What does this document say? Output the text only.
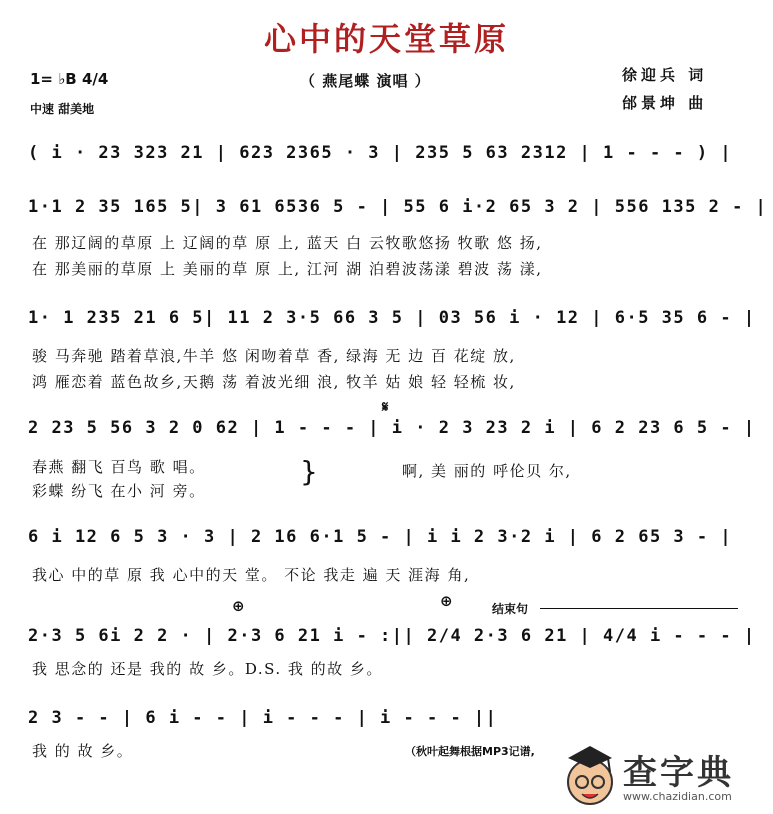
心中的天堂草原
（ 燕尾蝶 演唱 ）
1= ♭B 4/4
中速 甜美地
徐迎兵 词
邰景坤 曲
( i · 23 323 21 | 623 2365 · 3 | 235 5 63 2312 | 1 - - - ) |
1·1 2 35 165 5| 3 61 6536 5 - | 55 6 i·2 65 3 2 | 556 135 2 - |
在 那辽阔的草原 上 辽阔的草 原 上, 蓝天 白 云牧歌悠扬 牧歌 悠 扬,
在 那美丽的草原 上 美丽的草 原 上, 江河 湖 泊碧波荡漾 碧波 荡 漾,
1· 1 235 21 6 5| 11 2 3·5 66 3 5 | 03 56 i · 12 | 6·5 35 6 - |
骏 马奔驰 踏着草浪,牛羊 悠 闲吻着草 香, 绿海 无 边 百 花绽 放,
鸿 雁恋着 蓝色故乡,天鹅 荡 着波光细 浪, 牧羊 姑 娘 轻 轻梳 妆,
𝄋
2 23 5 56 3 2 0 62 | 1 - - - | i · 2 3 23 2 i | 6 2 23 6 5 - |
春燕 翻飞 百鸟 歌 唱。
彩蝶 纷飞 在小 河 旁。
}	啊, 美 丽的 呼伦贝 尔,
6 i 12 6 5 3 · 3 | 2 16 6·1 5 - | i i 2 3·2 i | 6 2 65 3 - |
我心 中的草 原 我 心中的天 堂。 不论 我走 遍 天 涯海 角,
⊕	⊕	结束句
2·3 5 6i 2 2 · | 2·3 6 21 i - :|| 2/4 2·3 6 21 | 4/4 i - - - |
我 思念的 还是 我的 故 乡。D.S. 我 的故 乡。
2 3 - - | 6 i - - | i - - - | i - - - ||
我 的 故 乡。	（秋叶起舞根据MP3记谱,
查字典
www.chazidian.com
